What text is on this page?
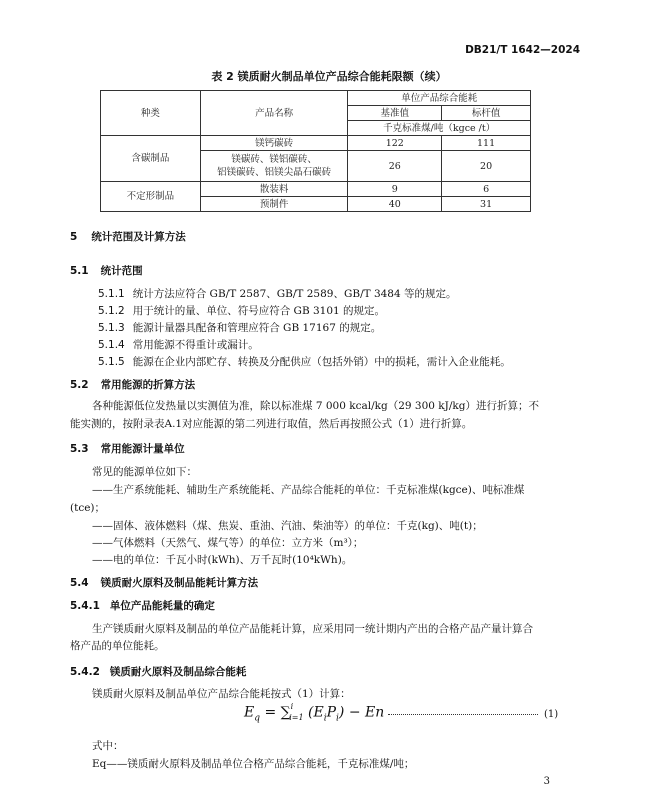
DB21/T 1642—2024
表 2 镁质耐火制品单位产品综合能耗限额（续）
种类	产品名称	单位产品综合能耗	
		基准值	标杆值
		千克标准煤/吨（kgce /t）	
含碳制品	镁钙碳砖	122	111
	镁碳砖、镁铝碳砖、
铝镁碳砖、铝镁尖晶石碳砖	26	20
不定形制品	散装料	9	6
	预制件	40	31
5 统计范围及计算方法
5.1 统计范围
5.1.1 统计方法应符合 GB/T 2587、GB/T 2589、GB/T 3484 等的规定。
5.1.2 用于统计的量、单位、符号应符合 GB 3101 的规定。
5.1.3 能源计量器具配备和管理应符合 GB 17167 的规定。
5.1.4 常用能源不得重计或漏计。
5.1.5 能源在企业内部贮存、转换及分配供应（包括外销）中的损耗，需计入企业能耗。
5.2 常用能源的折算方法
各种能源低位发热量以实测值为准，除以标准煤 7 000 kcal/kg（29 300 kJ/kg）进行折算；不
能实测的，按附录表A.1对应能源的第二列进行取值，然后再按照公式（1）进行折算。
5.3 常用能源计量单位
常见的能源单位如下：
——生产系统能耗、辅助生产系统能耗、产品综合能耗的单位：千克标准煤(kgce)、吨标准煤
(tce)；
——固体、液体燃料（煤、焦炭、重油、汽油、柴油等）的单位：千克(kg)、吨(t)；
——气体燃料（天然气、煤气等）的单位：立方米（m³）；
——电的单位：千瓦小时(kWh)、万千瓦时(10⁴kWh)。
5.4 镁质耐火原料及制品能耗计算方法
5.4.1 单位产品能耗量的确定
生产镁质耐火原料及制品的单位产品能耗计算，应采用同一统计期内产出的合格产品产量计算合
格产品的单位能耗。
5.4.2 镁质耐火原料及制品综合能耗
镁质耐火原料及制品单位产品综合能耗按式（1）计算：
$E_q = \sum^i_{i=1}$ $(E_iP_i) - En$	(1)
式中：
Eq——镁质耐火原料及制品单位合格产品综合能耗，千克标准煤/吨；
3
